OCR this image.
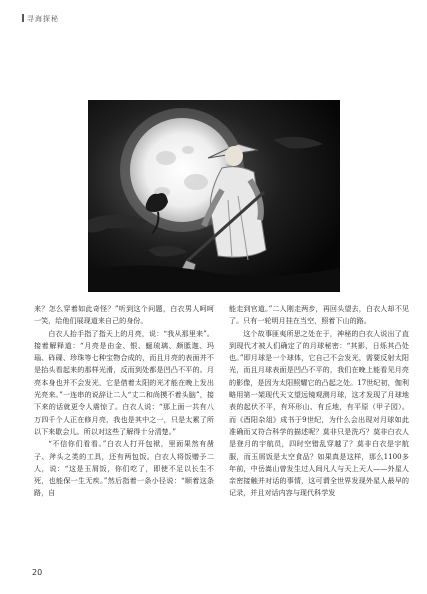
寻海探秘

来？怎么穿着如此奇怪？”听到这个问题，白衣男人呵呵一笑，给他们展现道来自己的身份。

白衣人抬手指了指天上的月亮，说：“我从那里来”。接着解释道：“月亮是由金、银、蜒琉璃、颇胝迦、玛瑙、砗磲、珍珠等七种宝物合成的，而且月亮的表面并不是抬头看起来的那样光滑，反而到处都是凹凸不平的。月亮本身也并不会发光，它是借着太阳的光才能在晚上发出光亮来。”一连串的说辞让二人“丈二和尚摸不着头脑”，接下来的话就更令人震惊了。白衣人说：“那上面一共有八万四千个人正在修月亮，我也是其中之一，只是太累了所以下来歇会儿。所以对这些了解得十分清楚。”

“不信你们看看。”白衣人打开包袱，里面果然有凿子、斧头之类的工具，还有两包饭。白衣人将饭赠予二人，说：“这是玉屑饭，你们吃了，即使不足以长生不死，也能保一生无疾。”然后指着一条小径说：“顺着这条路，自

能走到官道。”二人刚走两步，再回头望去，白衣人却不见了。只有一轮明月挂在当空，照着下山的路。

这个故事匪夷所思之处在于，神秘的白衣人说出了直到现代才被人们确定了的月球秘密：“其影，日烁其凸处也。”即月球是一个球体，它自己不会发光，需要反射太阳光，而且月球表面是凹凸不平的，我们在晚上能看见月亮的影像，是因为太阳照耀它的凸起之处。17世纪初，伽利略用第一架现代天文望远镜观测月球，这才发现了月球地表的起伏不平，有环形山、有丘地，有平原（甲子园）。而《酉阳杂俎》成书于9世纪，为什么会出现对月球如此准确而又符合科学的描述呢？莫非只是洗巧？莫非白衣人是登月的宇航员，四时空错乱穿越了？莫非白衣是宇航服，而玉屑饭是太空食品？如果真是这样，那么1100多年前，中岳嵩山曾发生过人间凡人与天上天人——外星人亲密接触并对话的事情，这可谓全世界发现外星人最早的记录，并且对话内容与现代科学发

20
